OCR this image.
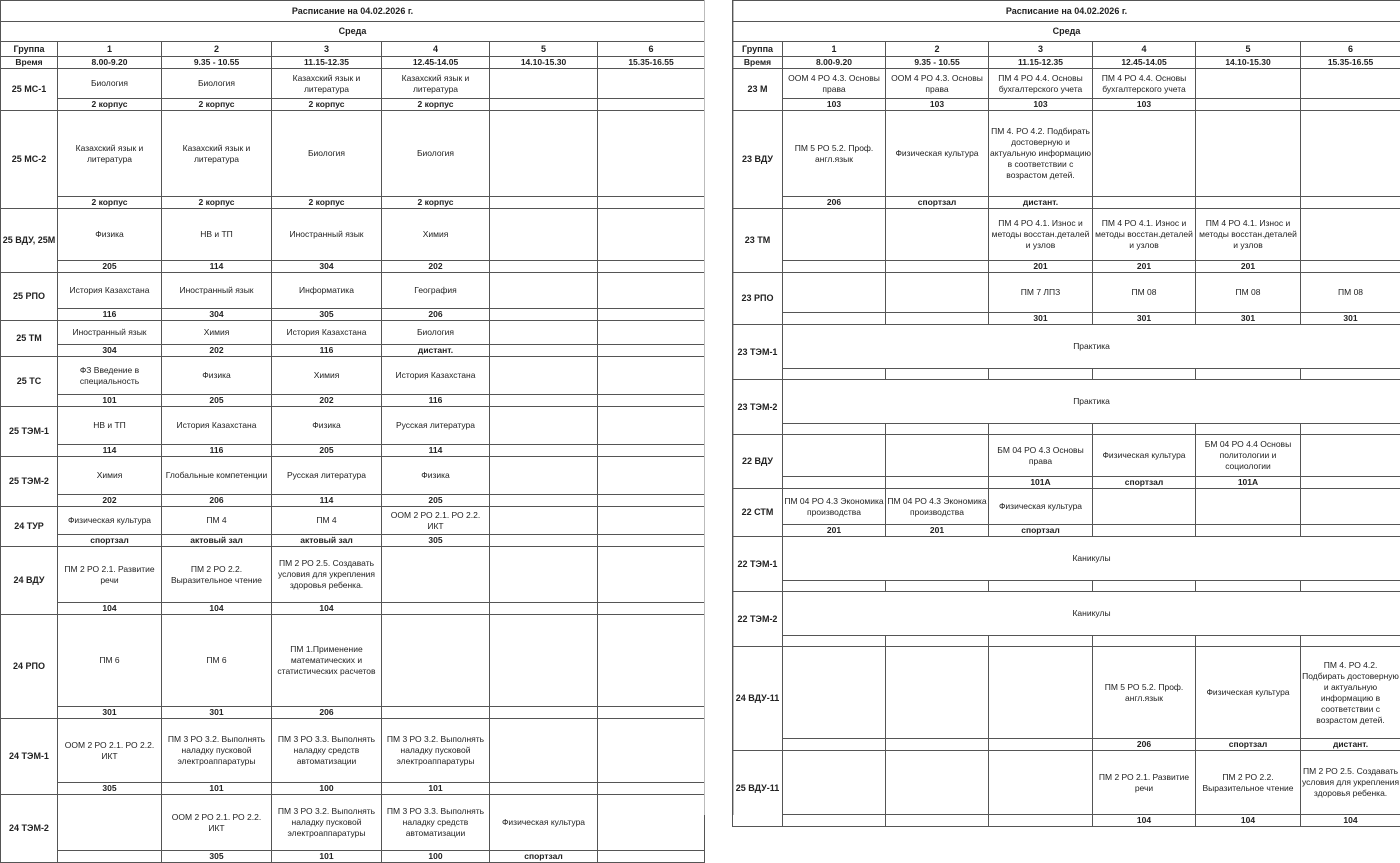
Расписание на 04.02.2026 г.						
Среда						
Группа	1	2	3	4	5	6
Время	8.00-9.20	9.35 - 10.55	11.15-12.35	12.45-14.05	14.10-15.30	15.35-16.55
25 МС-1	Биология	Биология	Казахский язык и литература	Казахский язык и литература		
	2 корпус	2 корпус	2 корпус	2 корпус		
25 МС-2	Казахский язык и литература	Казахский язык и литература	Биология	Биология		
	2 корпус	2 корпус	2 корпус	2 корпус		
25 ВДУ, 25М	Физика	НВ и ТП	Иностранный язык	Химия		
	205	114	304	202		
25 РПО	История Казахстана	Иностранный язык	Информатика	География		
	116	304	305	206		
25 ТМ	Иностранный язык	Химия	История Казахстана	Биология		
	304	202	116	дистант.		
25 ТС	ФЗ Введение в специальность	Физика	Химия	История Казахстана		
	101	205	202	116		
25 ТЭМ-1	НВ и ТП	История Казахстана	Физика	Русская литература		
	114	116	205	114		
25 ТЭМ-2	Химия	Глобальные компетенции	Русская литература	Физика		
	202	206	114	205		
24 ТУР	Физическая культура	ПМ 4	ПМ 4	ООМ 2 РО 2.1. РО 2.2. ИКТ		
	спортзал	актовый зал	актовый зал	305		
24 ВДУ	ПМ 2 РО 2.1. Развитие речи	ПМ 2 РО 2.2. Выразительное чтение	ПМ 2 РО 2.5. Создавать условия для укрепления здоровья ребенка.			
	104	104	104			
24 РПО	ПМ 6	ПМ 6	ПМ 1.Применение математических и статистических расчетов			
	301	301	206			
24 ТЭМ-1	ООМ 2 РО 2.1. РО 2.2. ИКТ	ПМ 3 РО 3.2. Выполнять наладку пусковой электроаппаратуры	ПМ 3 РО 3.3. Выполнять наладку средств автоматизации	ПМ 3 РО 3.2. Выполнять наладку пусковой электроаппаратуры		
	305	101	100	101		
24 ТЭМ-2		ООМ 2 РО 2.1. РО 2.2. ИКТ	ПМ 3 РО 3.2. Выполнять наладку пусковой электроаппаратуры	ПМ 3 РО 3.3. Выполнять наладку средств автоматизации	Физическая культура	
		305	101	100	спортзал	
Расписание на 04.02.2026 г.						
Среда						
Группа	1	2	3	4	5	6
Время	8.00-9.20	9.35 - 10.55	11.15-12.35	12.45-14.05	14.10-15.30	15.35-16.55
23 М	ООМ 4 РО 4.3. Основы права	ООМ 4 РО 4.3. Основы права	ПМ 4 РО 4.4. Основы бухгалтерского учета	ПМ 4 РО 4.4. Основы бухгалтерского учета		
	103	103	103	103		
23 ВДУ	ПМ 5 РО 5.2. Проф. англ.язык	Физическая культура	ПМ 4. РО 4.2. Подбирать достоверную и актуальную информацию в соответствии с возрастом детей.			
	206	спортзал	дистант.			
23 ТМ			ПМ 4 РО 4.1. Износ и методы восстан.деталей и узлов	ПМ 4 РО 4.1. Износ и методы восстан.деталей и узлов	ПМ 4 РО 4.1. Износ и методы восстан.деталей и узлов	
			201	201	201	
23 РПО			ПМ 7 ЛПЗ	ПМ 08	ПМ 08	ПМ 08
			301	301	301	301
23 ТЭМ-1	Практика					

23 ТЭМ-2	Практика					

22 ВДУ			БМ 04 РО 4.3 Основы права	Физическая культура	БМ 04 РО 4.4 Основы политологии и социологии	
			101А	спортзал	101А	
22 СТМ	ПМ 04 РО 4.3 Экономика производства	ПМ 04 РО 4.3 Экономика производства	Физическая культура			
	201	201	спортзал			
22 ТЭМ-1	Каникулы					

22 ТЭМ-2	Каникулы					

24 ВДУ-11				ПМ 5 РО 5.2. Проф. англ.язык	Физическая культура	ПМ 4. РО 4.2. Подбирать достоверную и актуальную информацию в соответствии с возрастом детей.
				206	спортзал	дистант.
25 ВДУ-11				ПМ 2 РО 2.1. Развитие речи	ПМ 2 РО 2.2. Выразительное чтение	ПМ 2 РО 2.5. Создавать условия для укрепления здоровья ребенка.
				104	104	104
